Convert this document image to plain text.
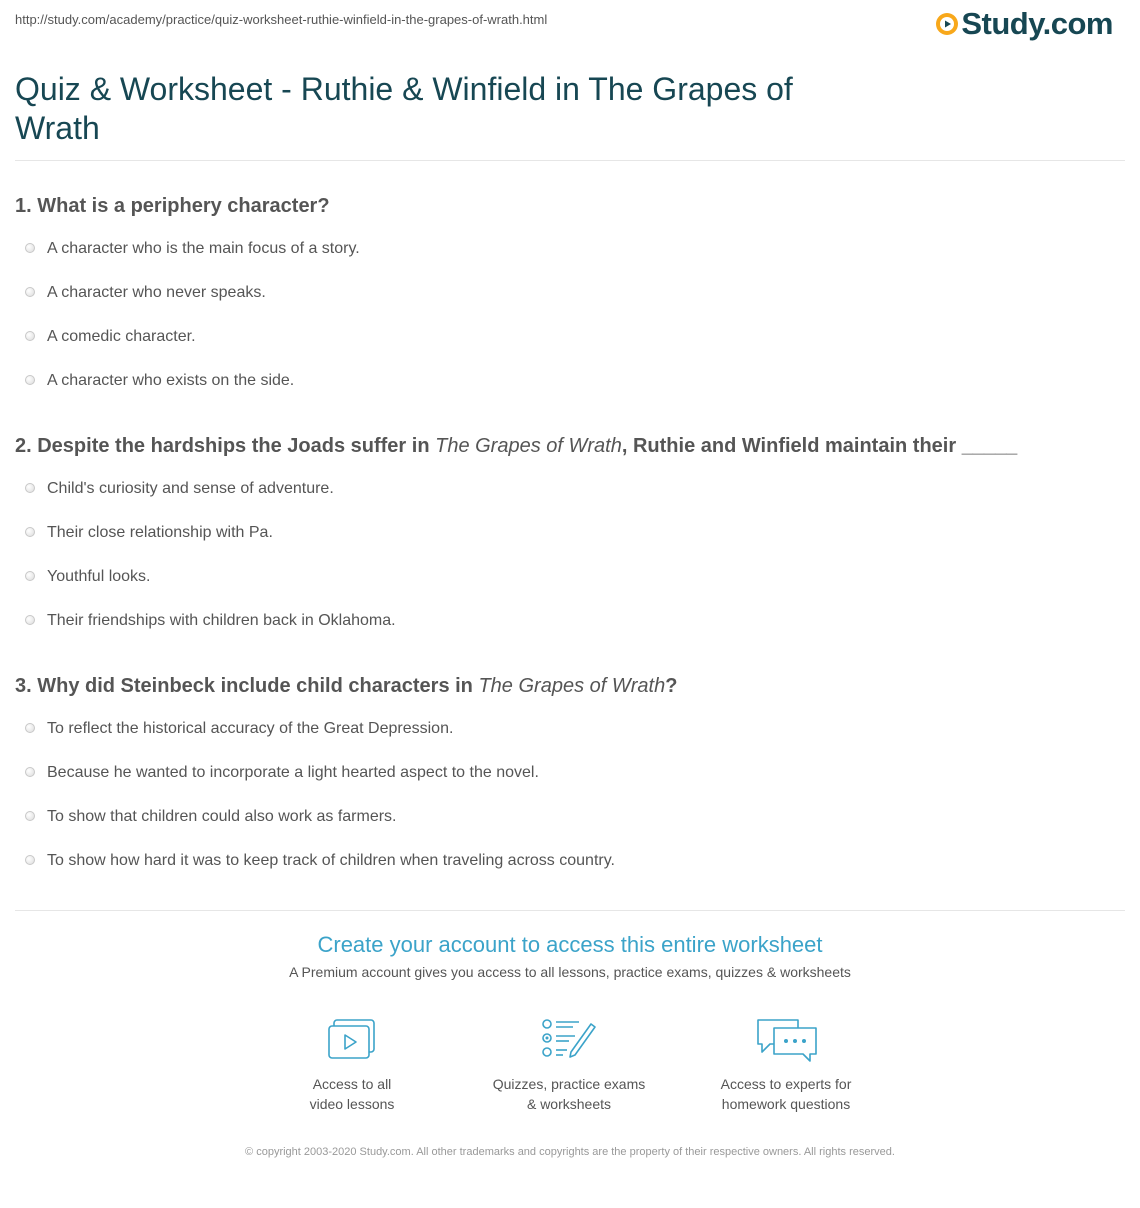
http://study.com/academy/practice/quiz-worksheet-ruthie-winfield-in-the-grapes-of-wrath.html	Study.com
Quiz & Worksheet - Ruthie & Winfield in The Grapes of Wrath

1. What is a periphery character?

A character who is the main focus of a story.
A character who never speaks.
A comedic character.
A character who exists on the side.

2. Despite the hardships the Joads suffer in The Grapes of Wrath, Ruthie and Winfield maintain their _____

Child's curiosity and sense of adventure.
Their close relationship with Pa.
Youthful looks.
Their friendships with children back in Oklahoma.

3. Why did Steinbeck include child characters in The Grapes of Wrath?

To reflect the historical accuracy of the Great Depression.
Because he wanted to incorporate a light hearted aspect to the novel.
To show that children could also work as farmers.
To show how hard it was to keep track of children when traveling across country.

Create your account to access this entire worksheet

A Premium account gives you access to all lessons, practice exams, quizzes & worksheets

Access to all
video lessons
Quizzes, practice exams
& worksheets
Access to experts for
homework questions
© copyright 2003-2020 Study.com. All other trademarks and copyrights are the property of their respective owners. All rights reserved.
